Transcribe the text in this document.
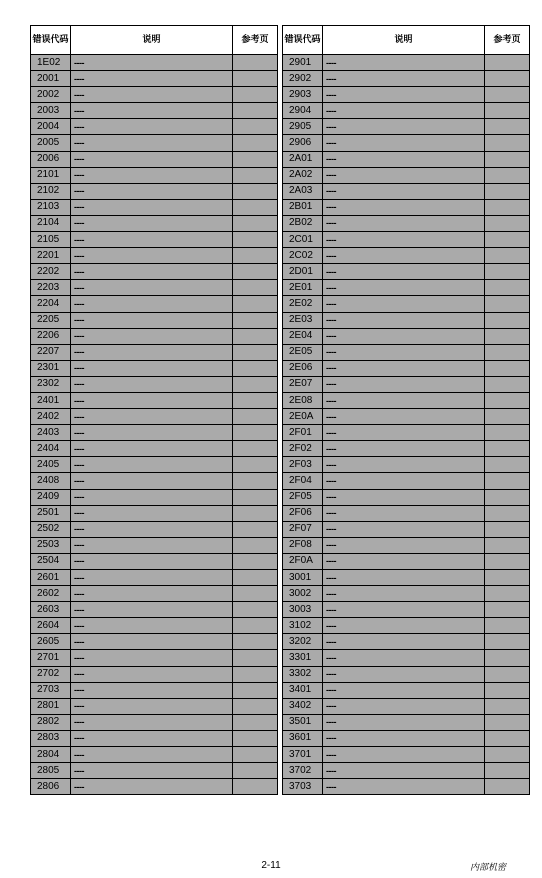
错误代码	说明	参考页
1E02	----	
2001	----	
2002	----	
2003	----	
2004	----	
2005	----	
2006	----	
2101	----	
2102	----	
2103	----	
2104	----	
2105	----	
2201	----	
2202	----	
2203	----	
2204	----	
2205	----	
2206	----	
2207	----	
2301	----	
2302	----	
2401	----	
2402	----	
2403	----	
2404	----	
2405	----	
2408	----	
2409	----	
2501	----	
2502	----	
2503	----	
2504	----	
2601	----	
2602	----	
2603	----	
2604	----	
2605	----	
2701	----	
2702	----	
2703	----	
2801	----	
2802	----	
2803	----	
2804	----	
2805	----	
2806	----	
错误代码	说明	参考页
2901	----	
2902	----	
2903	----	
2904	----	
2905	----	
2906	----	
2A01	----	
2A02	----	
2A03	----	
2B01	----	
2B02	----	
2C01	----	
2C02	----	
2D01	----	
2E01	----	
2E02	----	
2E03	----	
2E04	----	
2E05	----	
2E06	----	
2E07	----	
2E08	----	
2E0A	----	
2F01	----	
2F02	----	
2F03	----	
2F04	----	
2F05	----	
2F06	----	
2F07	----	
2F08	----	
2F0A	----	
3001	----	
3002	----	
3003	----	
3102	----	
3202	----	
3301	----	
3302	----	
3401	----	
3402	----	
3501	----	
3601	----	
3701	----	
3702	----	
3703	----	
2-11	内部机密
